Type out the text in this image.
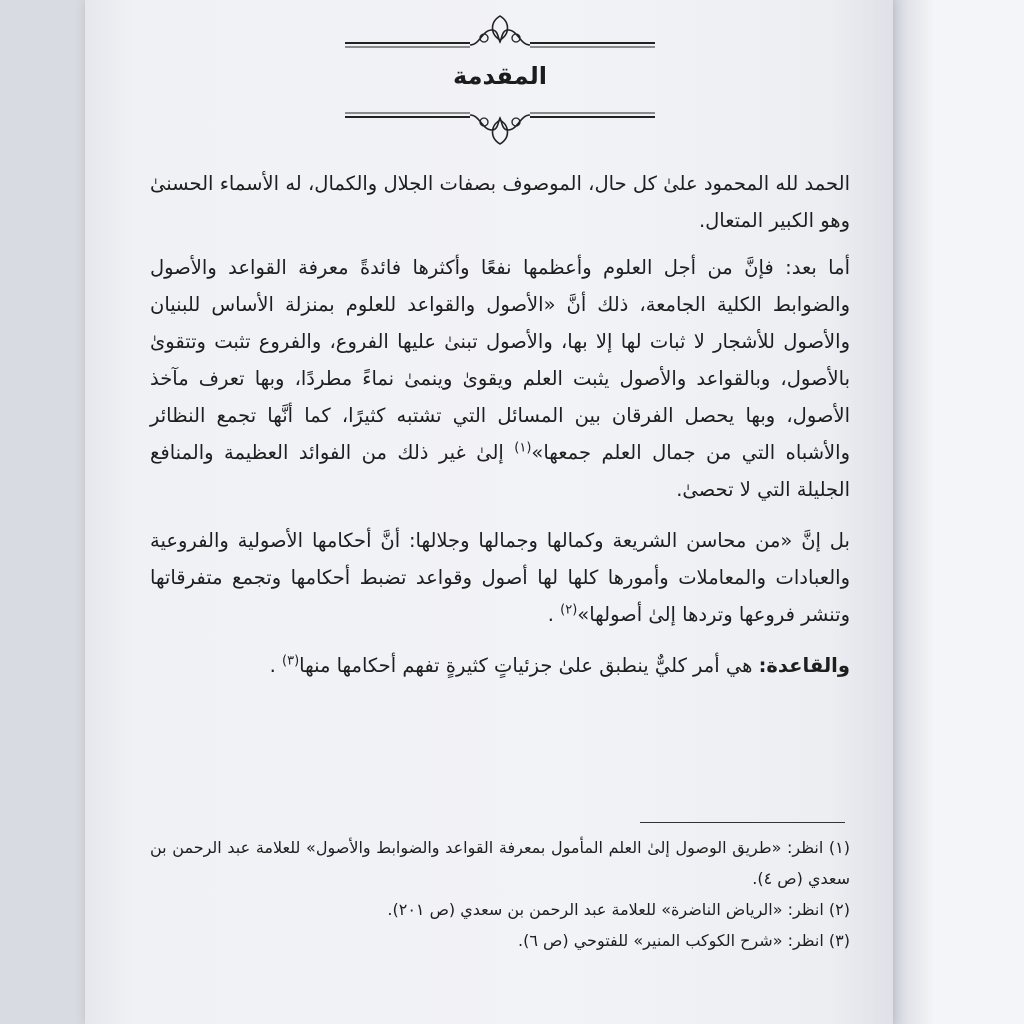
المقدمة

الحمد لله المحمود علىٰ كل حال، الموصوف بصفات الجلال والكمال، له الأسماء الحسنىٰ وهو الكبير المتعال.

أما بعد: فإنَّ من أجل العلوم وأعظمها نفعًا وأكثرها فائدةً معرفة القواعد والأصول والضوابط الكلية الجامعة، ذلك أنَّ «الأصول والقواعد للعلوم بمنزلة الأساس للبنيان والأصول للأشجار لا ثبات لها إلا بها، والأصول تبنىٰ عليها الفروع، والفروع تثبت وتتقوىٰ بالأصول، وبالقواعد والأصول يثبت العلم ويقوىٰ وينمىٰ نماءً مطردًا، وبها تعرف مآخذ الأصول، وبها يحصل الفرقان بين المسائل التي تشتبه كثيرًا، كما أنَّها تجمع النظائر والأشباه التي من جمال العلم جمعها»$^{(١)}$ إلىٰ غير ذلك من الفوائد العظيمة والمنافع الجليلة التي لا تحصىٰ.

بل إنَّ «من محاسن الشريعة وكمالها وجمالها وجلالها: أنَّ أحكامها الأصولية والفروعية والعبادات والمعاملات وأمورها كلها لها أصول وقواعد تضبط أحكامها وتجمع متفرقاتها وتنشر فروعها وتردها إلىٰ أصولها»$^{(٢)}$ .

والقاعدة: هي أمر كليٌّ ينطبق علىٰ جزئياتٍ كثيرةٍ تفهم أحكامها منها$^{(٣)}$ .

(١) انظر: «طريق الوصول إلىٰ العلم المأمول بمعرفة القواعد والضوابط والأصول» للعلامة عبد الرحمن بن سعدي (ص ٤).

(٢) انظر: «الرياض الناضرة» للعلامة عبد الرحمن بن سعدي (ص ٢٠١).

(٣) انظر: «شرح الكوكب المنير» للفتوحي (ص ٦).
